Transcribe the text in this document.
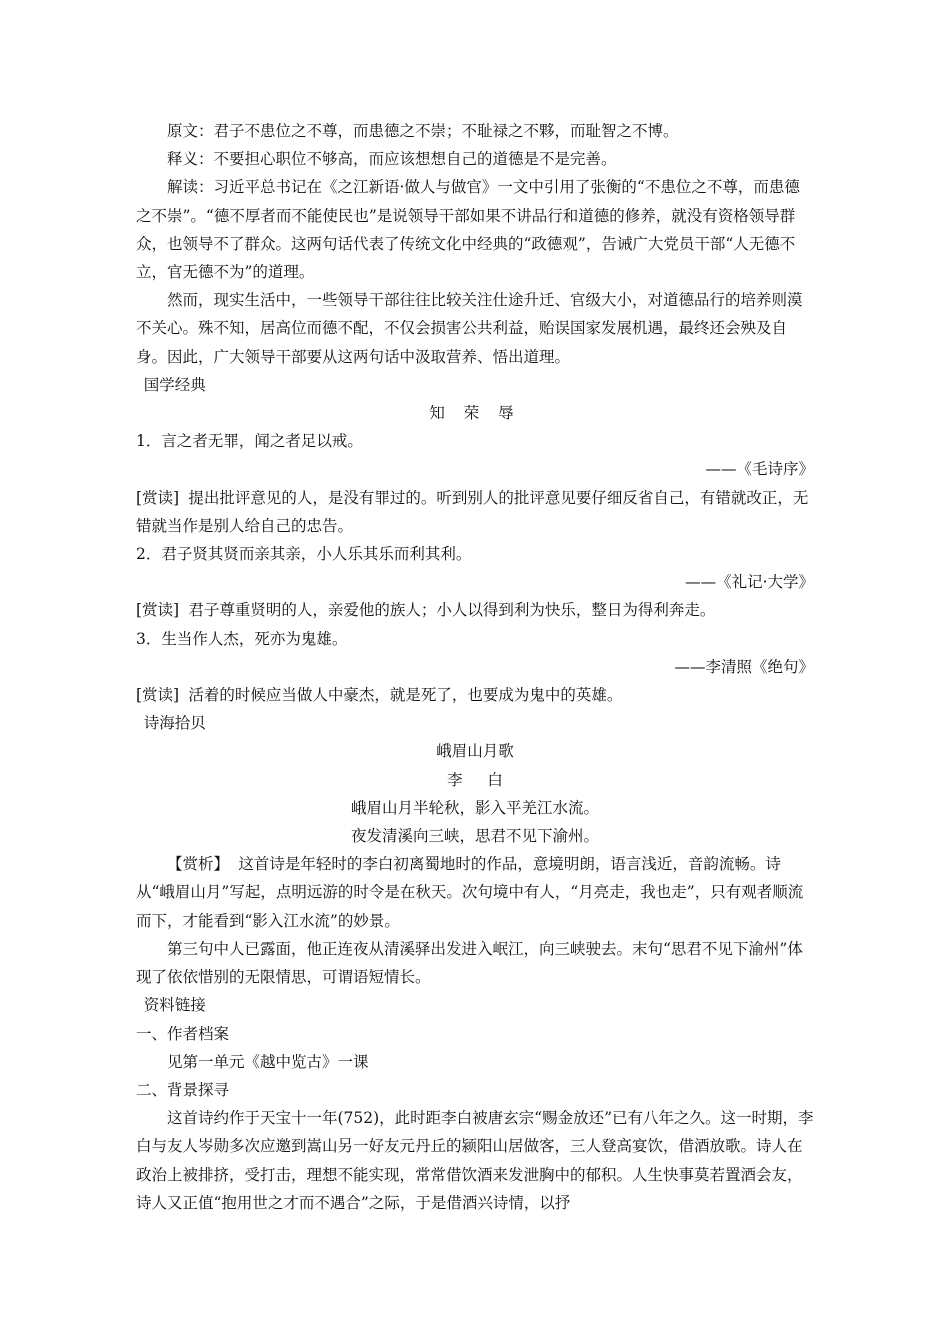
原文：君子不患位之不尊，而患德之不崇；不耻禄之不夥，而耻智之不博。

释义：不要担心职位不够高，而应该想想自己的道德是不是完善。

解读：习近平总书记在《之江新语·做人与做官》一文中引用了张衡的“不患位之不尊，而患德之不崇”。“德不厚者而不能使民也”是说领导干部如果不讲品行和道德的修养，就没有资格领导群众，也领导不了群众。这两句话代表了传统文化中经典的“政德观”，告诫广大党员干部“人无德不立，官无德不为”的道理。

然而，现实生活中，一些领导干部往往比较关注仕途升迁、官级大小，对道德品行的培养则漠不关心。殊不知，居高位而德不配，不仅会损害公共利益，贻误国家发展机遇，最终还会殃及自身。因此，广大领导干部要从这两句话中汲取营养、悟出道理。

国学经典

知 荣 辱

1．言之者无罪，闻之者足以戒。

——《毛诗序》

[赏读] 提出批评意见的人，是没有罪过的。听到别人的批评意见要仔细反省自己，有错就改正，无错就当作是别人给自己的忠告。

2．君子贤其贤而亲其亲，小人乐其乐而利其利。

——《礼记·大学》

[赏读] 君子尊重贤明的人，亲爱他的族人；小人以得到利为快乐，整日为得利奔走。

3．生当作人杰，死亦为鬼雄。

——李清照《绝句》

[赏读] 活着的时候应当做人中豪杰，就是死了，也要成为鬼中的英雄。

诗海拾贝

峨眉山月歌

李白

峨眉山月半轮秋，影入平羌江水流。

夜发清溪向三峡，思君不见下渝州。

【赏析】 这首诗是年轻时的李白初离蜀地时的作品，意境明朗，语言浅近，音韵流畅。诗从“峨眉山月”写起，点明远游的时令是在秋天。次句境中有人，“月亮走，我也走”，只有观者顺流而下，才能看到“影入江水流”的妙景。

第三句中人已露面，他正连夜从清溪驿出发进入岷江，向三峡驶去。末句“思君不见下渝州”体现了依依惜别的无限情思，可谓语短情长。

资料链接

一、作者档案

见第一单元《越中览古》一课

二、背景探寻

这首诗约作于天宝十一年(752)，此时距李白被唐玄宗“赐金放还”已有八年之久。这一时期，李白与友人岑勋多次应邀到嵩山另一好友元丹丘的颍阳山居做客，三人登高宴饮，借酒放歌。诗人在政治上被排挤，受打击，理想不能实现，常常借饮酒来发泄胸中的郁积。人生快事莫若置酒会友，诗人又正值“抱用世之才而不遇合”之际，于是借酒兴诗情，以抒
